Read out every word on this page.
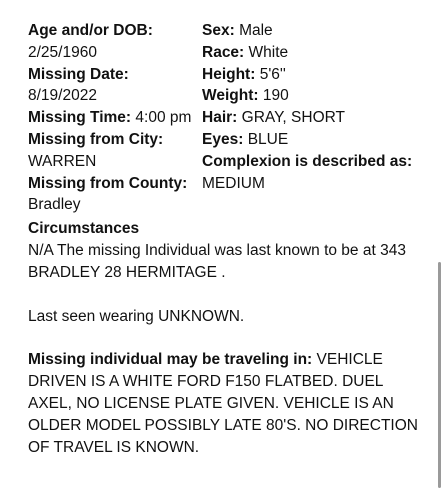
Age and/or DOB:
2/25/1960
Missing Date:
8/19/2022
Missing Time: 4:00 pm
Missing from City:
WARREN
Missing from County: Bradley
Sex: Male
Race: White
Height: 5'6''
Weight: 190
Hair: GRAY, SHORT
Eyes: BLUE
Complexion is described as: MEDIUM
Circumstances

N/A The missing Individual was last known to be at 343 BRADLEY 28 HERMITAGE .

Last seen wearing UNKNOWN.

Missing individual may be traveling in: VEHICLE DRIVEN IS A WHITE FORD F150 FLATBED. DUEL AXEL, NO LICENSE PLATE GIVEN. VEHICLE IS AN OLDER MODEL POSSIBLY LATE 80'S. NO DIRECTION OF TRAVEL IS KNOWN.
